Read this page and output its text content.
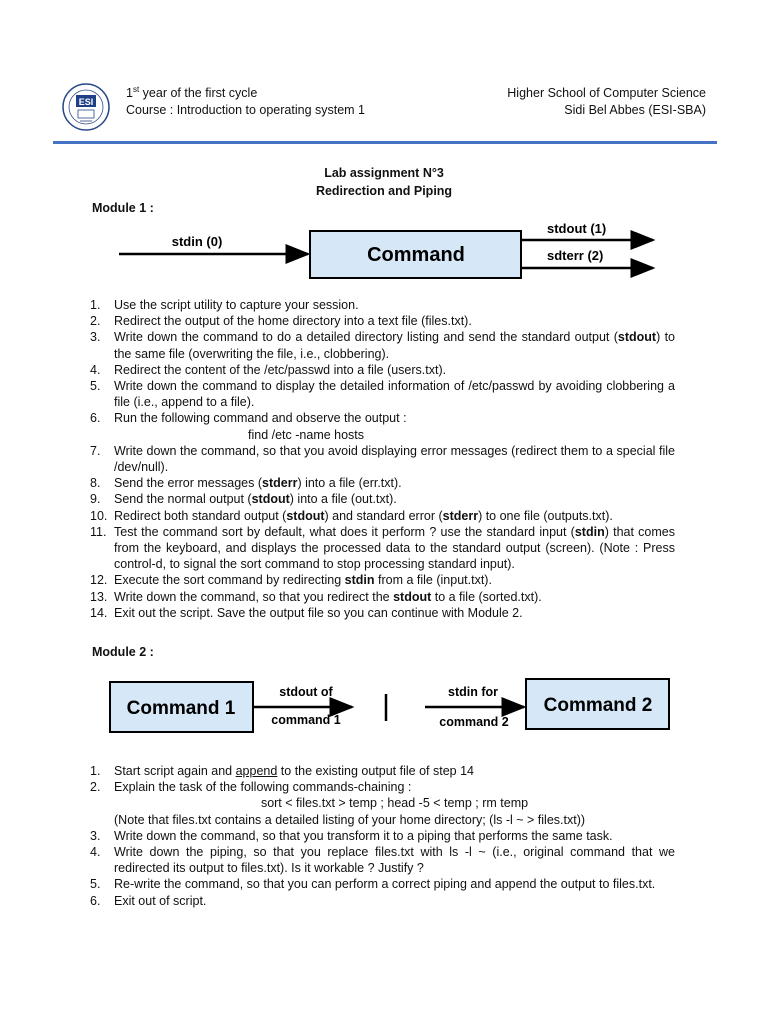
ESI
1st year of the first cycle
Course : Introduction to operating system 1
Higher School of Computer Science
Sidi Bel Abbes (ESI-SBA)
Lab assignment N°3
Redirection and Piping
Module 1 :
stdin (0)
Command
stdout (1)
sdterr (2)
1. Use the script utility to capture your session.
2. Redirect the output of the home directory into a text file (files.txt).
3. Write down the command to do a detailed directory listing and send the standard output (stdout) to the same file (overwriting the file, i.e., clobbering).
4. Redirect the content of the /etc/passwd into a file (users.txt).
5. Write down the command to display the detailed information of /etc/passwd by avoiding clobbering a file (i.e., append to a file).
6. Run the following command and observe the output :
find /etc -name hosts
7. Write down the command, so that you avoid displaying error messages (redirect them to a special file /dev/null).
8. Send the error messages (stderr) into a file (err.txt).
9. Send the normal output (stdout) into a file (out.txt).
10. Redirect both standard output (stdout) and standard error (stderr) to one file (outputs.txt).
11. Test the command sort by default, what does it perform ? use the standard input (stdin) that comes from the keyboard, and displays the processed data to the standard output (screen). (Note : Press control-d, to signal the sort command to stop processing standard input).
12. Execute the sort command by redirecting stdin from a file (input.txt).
13. Write down the command, so that you redirect the stdout to a file (sorted.txt).
14. Exit out the script. Save the output file so you can continue with Module 2.
Module 2 :
Command 1
stdout of
command 1
stdin for
command 2
Command 2
1. Start script again and append to the existing output file of step 14
2. Explain the task of the following commands-chaining :
sort < files.txt > temp ; head -5 < temp ; rm temp
(Note that files.txt contains a detailed listing of your home directory; (ls -l ~ > files.txt))
3. Write down the command, so that you transform it to a piping that performs the same task.
4. Write down the piping, so that you replace files.txt with ls -l ~ (i.e., original command that we redirected its output to files.txt). Is it workable ? Justify ?
5. Re-write the command, so that you can perform a correct piping and append the output to files.txt.
6. Exit out of script.
